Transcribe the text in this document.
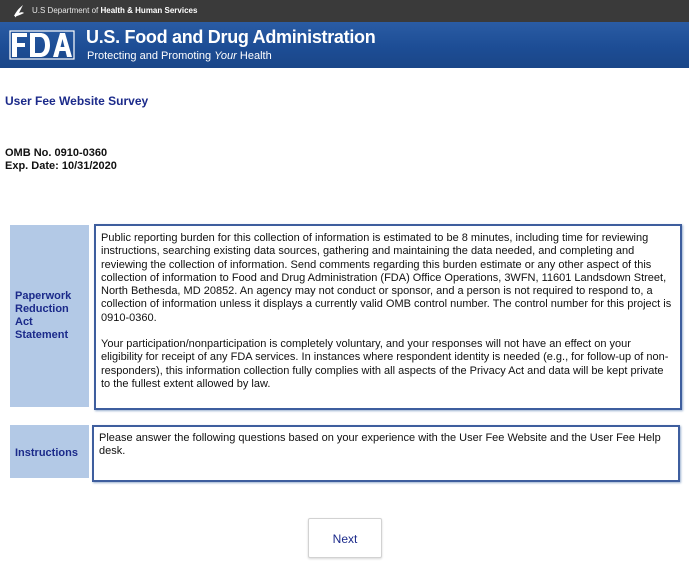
U.S Department of Health & Human Services
U.S. Food and Drug Administration
Protecting and Promoting Your Health
User Fee Website Survey
OMB No. 0910-0360
Exp. Date: 10/31/2020
Paperwork
Reduction
Act
Statement

Public reporting burden for this collection of information is estimated to be 8 minutes, including time for reviewing instructions, searching existing data sources, gathering and maintaining the data needed, and completing and reviewing the collection of information. Send comments regarding this burden estimate or any other aspect of this collection of information to Food and Drug Administration (FDA) Office Operations, 3WFN, 11601 Landsdown Street, North Bethesda, MD 20852. An agency may not conduct or sponsor, and a person is not required to respond to, a collection of information unless it displays a currently valid OMB control number. The control number for this project is 0910-0360.

Your participation/nonparticipation is completely voluntary, and your responses will not have an effect on your eligibility for receipt of any FDA services. In instances where respondent identity is needed (e.g., for follow-up of non-responders), this information collection fully complies with all aspects of the Privacy Act and data will be kept private to the fullest extent allowed by law.

Instructions

Please answer the following questions based on your experience with the User Fee Website and the User Fee Help desk.

Next
